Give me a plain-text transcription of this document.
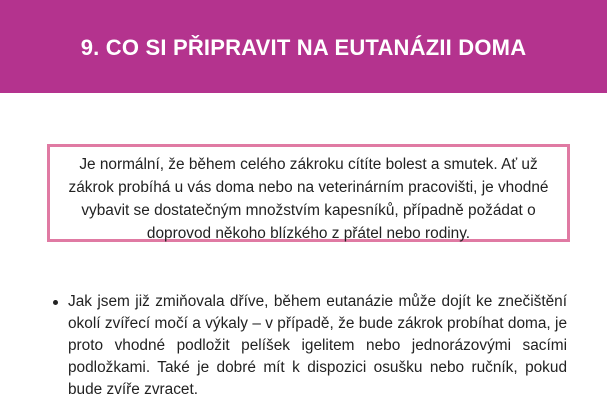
9. CO SI PŘIPRAVIT NA EUTANÁZII DOMA
Je normální, že během celého zákroku cítíte bolest a smutek. Ať už zákrok probíhá u vás doma nebo na veterinárním pracovišti, je vhodné vybavit se dostatečným množstvím kapesníků, případně požádat o doprovod někoho blízkého z přátel nebo rodiny.
Jak jsem již zmiňovala dříve, během eutanázie může dojít ke znečištění okolí zvířecí močí a výkaly – v případě, že bude zákrok probíhat doma, je proto vhodné podložit pelíšek igelitem nebo jednorázovými sacími podložkami. Také je dobré mít k dispozici osušku nebo ručník, pokud bude zvíře zvracet.
